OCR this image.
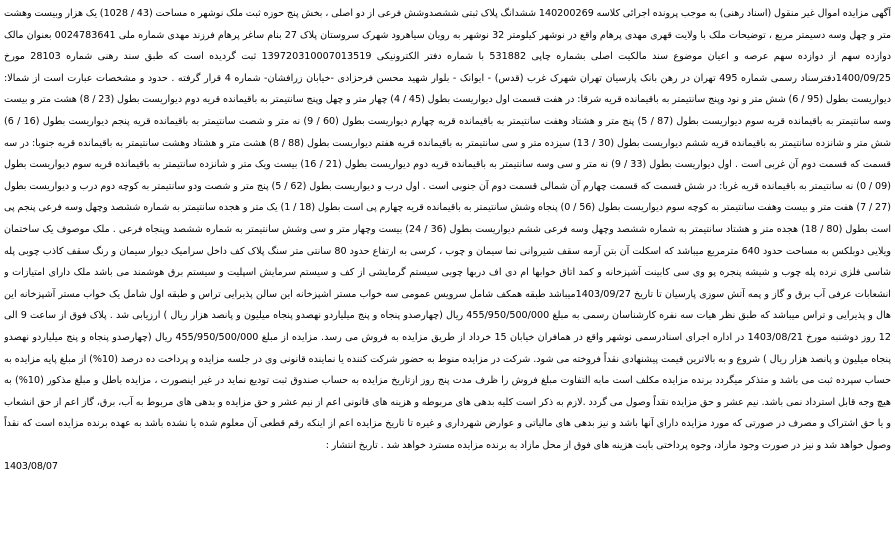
آگهی مزایده اموال غیر منقول (اسناد رهنی) به موجب پرونده اجرائی کلاسه 140200269 ششدانگ پلاک ثبتی ششصدوشش فرعی از دو اصلی ، بخش پنج حوزه ثبت ملک نوشهر ه مساحت (43 / 1028) یک هزار وبیست وهشت متر و چهل وسه دسیمتر مربع ، توضیحات ملک با ولایت قهری مهدی پرهام واقع در نوشهر کیلومتر 32 نوشهر به رویان سیاهرود شهرک سروستان پلاک 27 بنام ساغر پرهام فرزند مهدی شماره ملی 0024783641 بعنوان مالک دوازده سهم از دوازده سهم عرصه و اعیان موضوع سند مالکیت اصلی بشماره چاپی 531882 با شماره دفتر الکترونیکی 139720310007013519 ثبت گردیده است که طبق سند رهنی شماره 28103 مورخ 1400/09/25دفترسناد رسمی شماره 495 تهران در رهن بانک پارسیان تهران شهرک غرب (قدس) - ایوانک - بلوار شهید محسن فرحزادی -خیابان زرافشان- شماره 4 قرار گرفته . حدود و مشخصات عبارت است از شمالا: دیواریست بطول (95 / 6) شش متر و نود وپنج سانتیمتر به باقیمانده قریه شرقا: در هفت قسمت اول دیواریست بطول (45 / 4) چهار متر و چهل وپنج سانتیمتر به باقیمانده قریه دوم دیواریست بطول (23 / 8) هشت متر و بیست وسه سانتیمتر به باقیمانده قریه سوم دیواریست بطول (87 / 5) پنج متر و هشتاد وهفت سانتیمتر به باقیمانده قریه چهارم دیواریست بطول (60 / 9) نه متر و شصت سانتیمتر به باقیمانده قریه پنجم دیواریست بطول (16 / 6) شش متر و شانزده سانتیمتر به باقیمانده قریه ششم دیواریست بطول (30 / 13) سیزده متر و سی سانتیمتر به باقیمانده قریه هفتم دیواریست بطول (88 / 8) هشت متر و هشتاد وهشت سانتیمتر به باقیمانده قریه جنوبا: در سه قسمت که قسمت دوم آن غربی است . اول دیواریست بطول (33 / 9) نه متر و سی وسه سانتیمتر به باقیمانده قریه دوم دیواریست بطول (21 / 16) بیست ویک متر و شانزده سانتیمتر به باقیمانده قریه سوم دیواریست بطول (09 / 0) نه سانتیمتر به باقیمانده قریه غربا: در شش قسمت که قسمت چهارم آن شمالی قسمت دوم آن جنوبی است . اول درب و دیواریست بطول (62 / 5) پنج متر و شصت ودو سانتیمتر به کوچه دوم درب و دیواریست بطول (27 / 7) هفت متر و بیست وهفت سانتیمتر به کوچه سوم دیواریست بطول (56 / 0) پنجاه وشش سانتیمتر به باقیمانده قریه چهارم پی است بطول (18 / 1) یک متر و هجده سانتیمتر به شماره ششصد وچهل وسه فرعی پنجم پی است بطول (80 / 18) هجده متر و هشتاد سانتیمتر به شماره ششصد وچهل وسه فرعی ششم دیواریست بطول (36 / 24) بیست وچهار متر و سی وشش سانتیمتر به شماره ششصد وپنجاه فرعی . ملک موصوف یک ساختمان ویلایی دوبلکس به مساحت حدود 640 مترمربع میباشد که اسکلت آن بتن آرمه سقف شیروانی نما سیمان و چوب ، کرسی به ارتفاع حدود 80 سانتی متر سنگ پلاک کف داخل سرامیک دیوار سیمان و رنگ سقف کاذب چوبی پله شاسی فلزی نرده پله چوب و شیشه پنجره پو وی سی کابینت آشپزخانه و کمد اتاق خوابها ام دی اف دربها چوبی سیستم گرمایشی از کف و سیستم سرمایش اسپلیت و سیستم برق هوشمند می باشد ملک دارای امتیازات و انشعابات عرفی آب برق و گاز و پمه آتش سوزی پارسیان تا تاریخ 1403/09/27میباشد طبقه همکف شامل سرویس عمومی سه خواب مستر اشپزخانه این سالن پذیرایی تراس و طبقه اول شامل یک خواب مستر آشپزخانه این هال و پذیرایی و تراس میباشد که طبق نظر هیات سه نفره کارشناسان رسمی به مبلغ 455/950/500/000 ریال (چهارصدو پنجاه و پنج میلیاردو نهصدو پنجاه میلیون و پانصد هزار ریال ) ارزیابی شد . پلاک فوق از ساعت 9 الی 12 روز دوشنبه مورخ 1403/08/21 در اداره اجرای اسنادرسمی نوشهر واقع در همافران خیابان 15 خرداد از طریق مزایده به فروش می رسد. مزایده از مبلغ 455/950/500/000 ریال (چهارصدو پنجاه و پنج میلیاردو نهصدو پنجاه میلیون و پانصد هزار ریال ) شروع و به بالاترین قیمت پیشنهادی نقداً فروخته می شود. شرکت در مزایده منوط به حضور شرکت کننده یا نماینده قانونی وی در جلسه مزایده و پرداخت ده درصد (10%) از مبلغ پایه مزایده به حساب سپرده ثبت می باشد و متذکر میگردد برنده مزایده مکلف است مابه التفاوت مبلغ فروش را ظرف مدت پنج روز ازتاریخ مزایده به حساب صندوق ثبت تودیع نماید در غیر اینصورت ، مزایده باطل و مبلغ مذکور (10%) به هیچ وجه قابل استرداد نمی باشد. نیم عشر و حق مزایده نقداً وصول می گردد .لازم به ذکر است کلیه بدهی های مربوطه و هزینه های قانونی اعم از نیم عشر و حق مزایده و بدهی های مربوط به آب، برق، گاز اعم از حق انشعاب و یا حق اشتراک و مصرف در صورتی که مورد مزایده دارای آنها باشد و نیز بدهی های مالیاتی و عوارض شهرداری و غیره تا تاریخ مزایده اعم از اینکه رقم قطعی آن معلوم شده یا نشده باشد به عهده برنده مزایده است که نقداً وصول خواهد شد و نیز در صورت وجود مازاد، وجوه پرداختی بابت هزینه های فوق از محل مازاد به برنده مزایده مسترد خواهد شد . تاریخ انتشار :

1403/08/07
